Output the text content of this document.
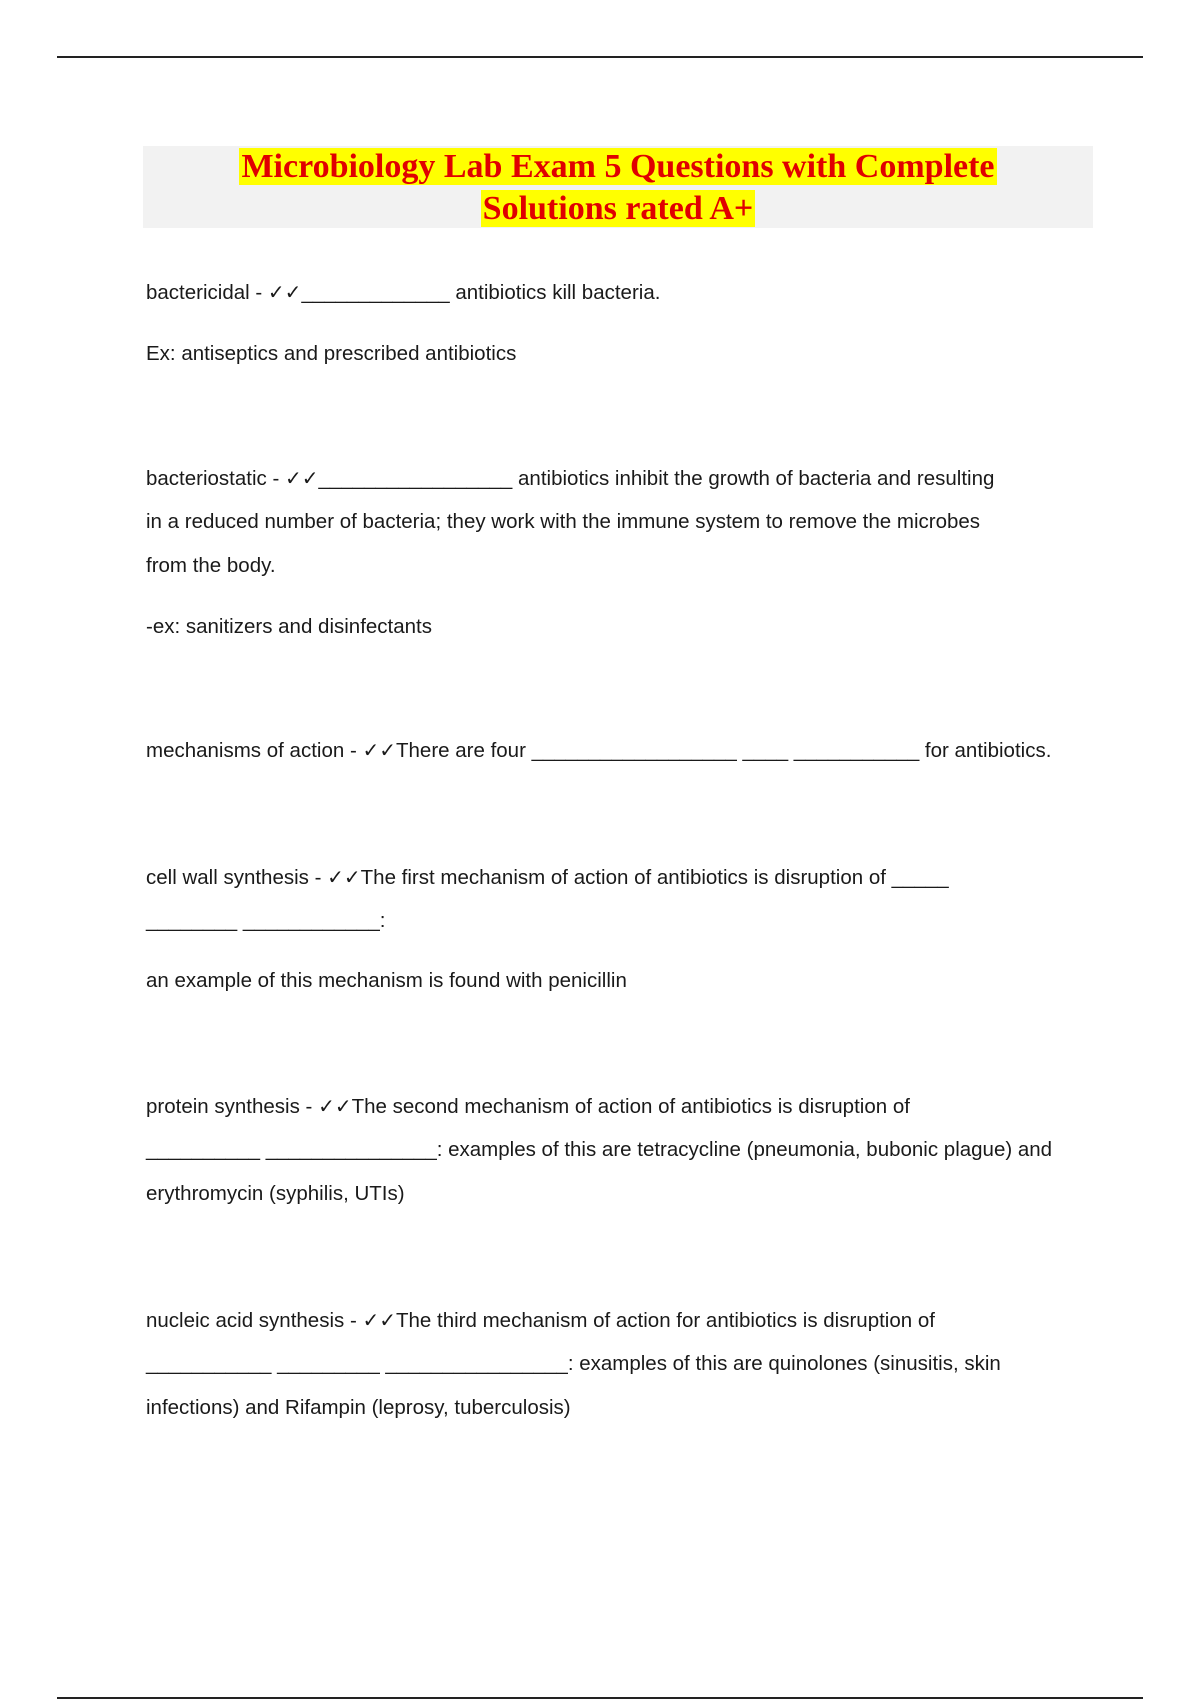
Microbiology Lab Exam 5 Questions with Complete
Solutions rated A+
bactericidal - ✓✓_____________ antibiotics kill bacteria.
Ex: antiseptics and prescribed antibiotics
bacteriostatic - ✓✓_________________ antibiotics inhibit the growth of bacteria and resulting
in a reduced number of bacteria; they work with the immune system to remove the microbes
from the body.
-ex: sanitizers and disinfectants
mechanisms of action - ✓✓There are four __________________ ____ ___________ for antibiotics.
cell wall synthesis - ✓✓The first mechanism of action of antibiotics is disruption of _____
________ ____________:
an example of this mechanism is found with penicillin
protein synthesis - ✓✓The second mechanism of action of antibiotics is disruption of
__________ _______________: examples of this are tetracycline (pneumonia, bubonic plague) and
erythromycin (syphilis, UTIs)
nucleic acid synthesis - ✓✓The third mechanism of action for antibiotics is disruption of
___________ _________ ________________: examples of this are quinolones (sinusitis, skin
infections) and Rifampin (leprosy, tuberculosis)
